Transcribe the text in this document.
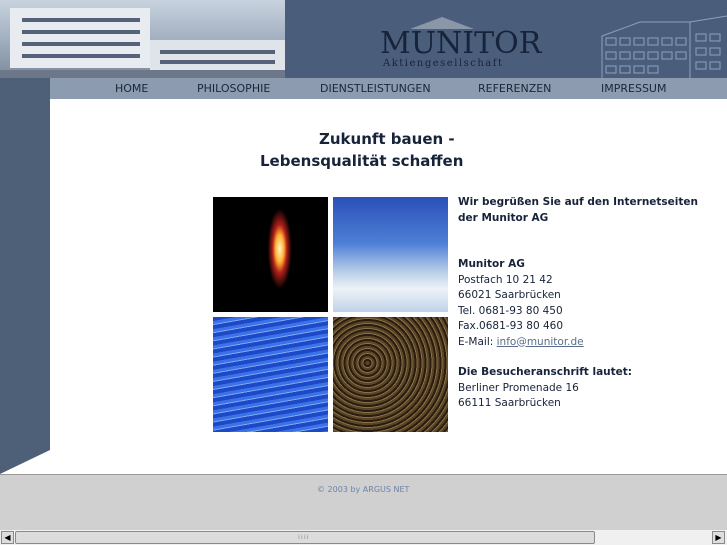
MUNITOR
Aktiengesellschaft
HOME	PHILOSOPHIE	DIENSTLEISTUNGEN	REFERENZEN	IMPRESSUM
Zukunft bauen -
Lebensqualität schaffen
Wir begrüßen Sie auf den Internetseiten der Munitor AG
Munitor AG
Postfach 10 21 42
66021 Saarbrücken
Tel. 0681-93 80 450
Fax.0681-93 80 460
E-Mail: info@munitor.de
Die Besucheranschrift lautet:
Berliner Promenade 16
66111 Saarbrücken
© 2003 by ARGUS NET
◀	⁞⁞⁞⁞	▶
